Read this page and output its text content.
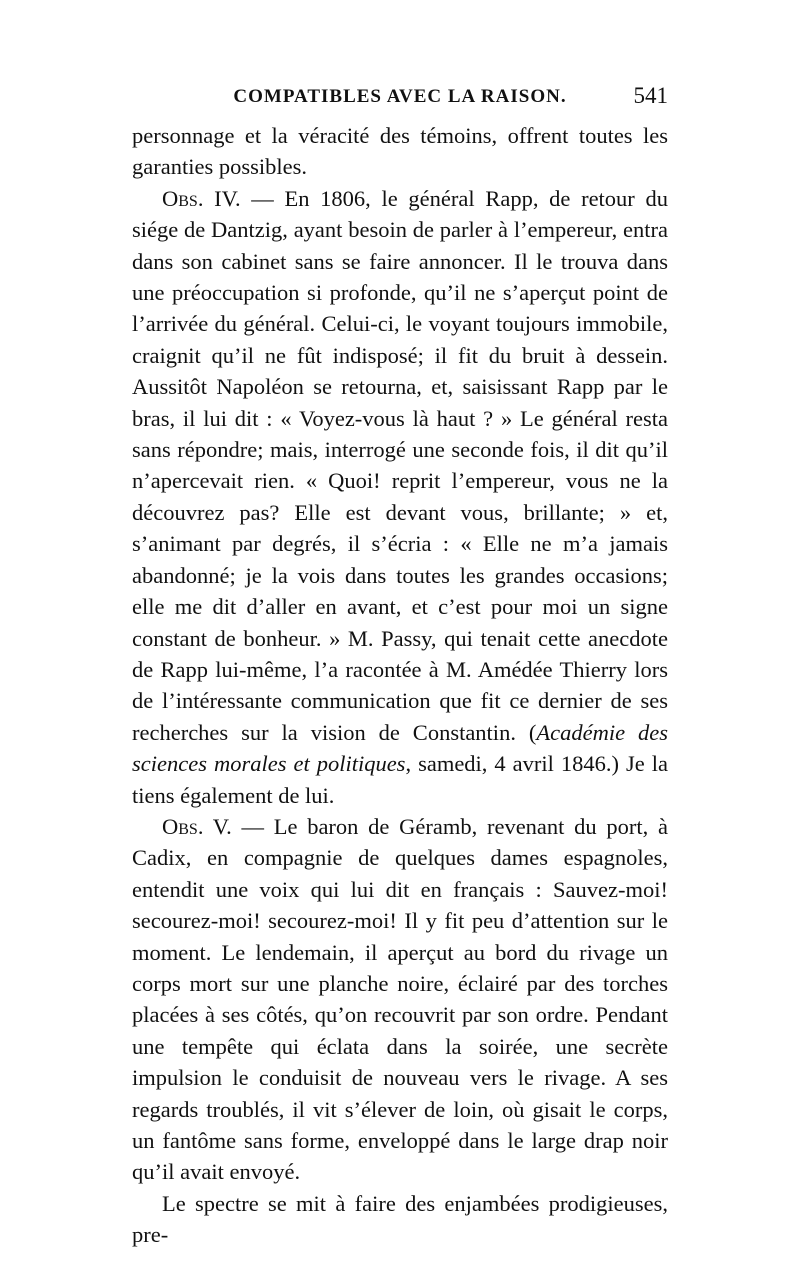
COMPATIBLES AVEC LA RAISON.	541

personnage et la véracité des témoins, offrent toutes les garanties possibles.

Obs. IV. — En 1806, le général Rapp, de retour du siége de Dantzig, ayant besoin de parler à l’empereur, entra dans son cabinet sans se faire annoncer. Il le trouva dans une préoccupation si profonde, qu’il ne s’aperçut point de l’arrivée du général. Celui-ci, le voyant toujours immobile, craignit qu’il ne fût indisposé; il fit du bruit à dessein. Aussitôt Napoléon se retourna, et, saisissant Rapp par le bras, il lui dit : « Voyez-vous là haut ? » Le général resta sans répondre; mais, interrogé une seconde fois, il dit qu’il n’apercevait rien. « Quoi! reprit l’empereur, vous ne la découvrez pas? Elle est devant vous, brillante; » et, s’animant par degrés, il s’écria : « Elle ne m’a jamais abandonné; je la vois dans toutes les grandes occasions; elle me dit d’aller en avant, et c’est pour moi un signe constant de bonheur. » M. Passy, qui tenait cette anecdote de Rapp lui-même, l’a racontée à M. Amédée Thierry lors de l’intéressante communication que fit ce dernier de ses recherches sur la vision de Constantin. (Académie des sciences morales et politiques, samedi, 4 avril 1846.) Je la tiens également de lui.

Obs. V. — Le baron de Géramb, revenant du port, à Cadix, en compagnie de quelques dames espagnoles, entendit une voix qui lui dit en français : Sauvez-moi! secourez-moi! secourez-moi! Il y fit peu d’attention sur le moment. Le lendemain, il aperçut au bord du rivage un corps mort sur une planche noire, éclairé par des torches placées à ses côtés, qu’on recouvrit par son ordre. Pendant une tempête qui éclata dans la soirée, une secrète impulsion le conduisit de nouveau vers le rivage. A ses regards troublés, il vit s’élever de loin, où gisait le corps, un fantôme sans forme, enveloppé dans le large drap noir qu’il avait envoyé.

Le spectre se mit à faire des enjambées prodigieuses, pre-
